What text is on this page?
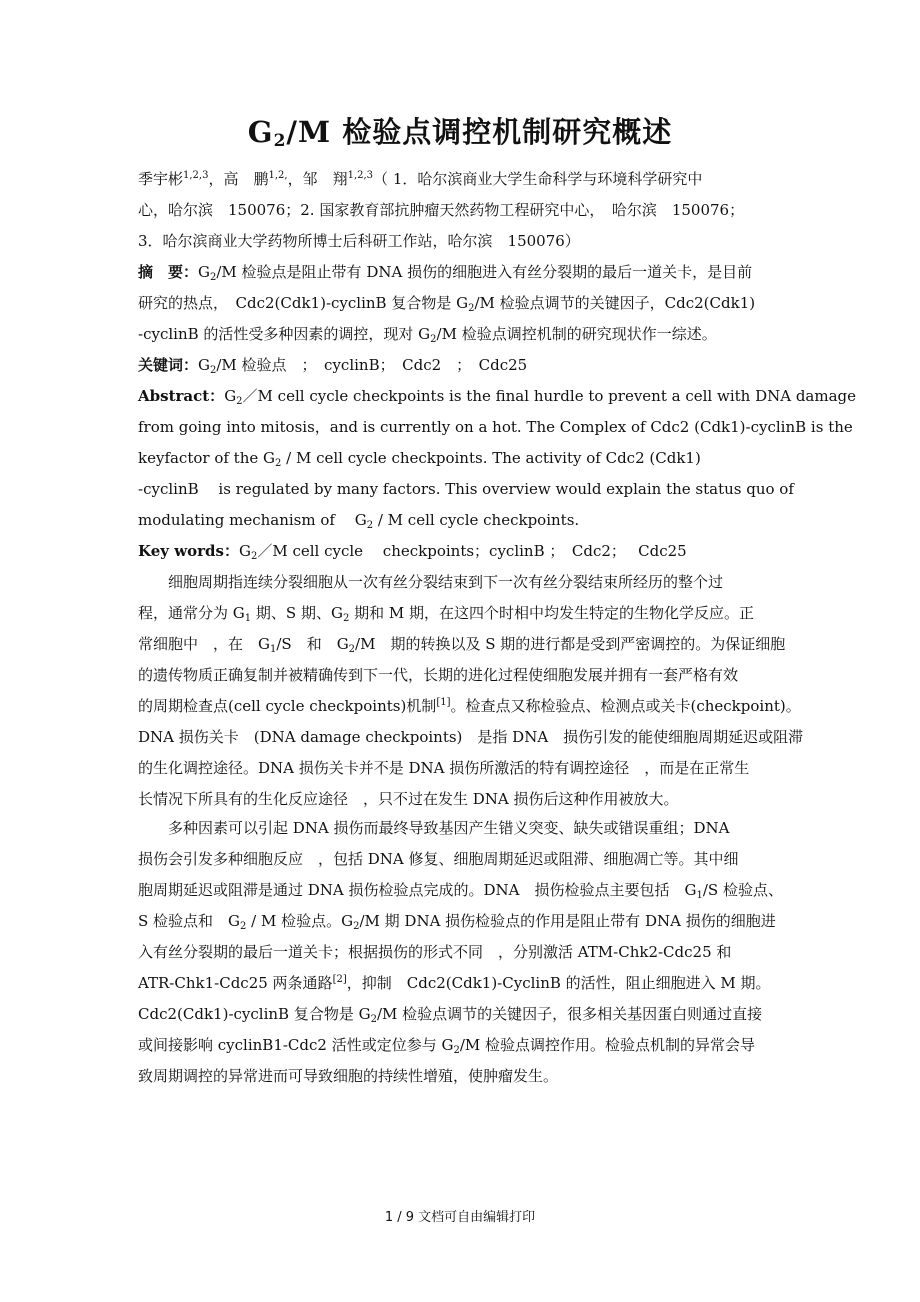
$G_2/M$ 检验点调控机制研究概述
季宇彬$^{1,2,3}$，高　鹏$^{1,2,}$，邹　翔$^{1,2,3}$（ 1．哈尔滨商业大学生命科学与环境科学研究中
心，哈尔滨　150076；2. 国家教育部抗肿瘤天然药物工程研究中心，　哈尔滨　150076；
3．哈尔滨商业大学药物所博士后科研工作站，哈尔滨　150076）
摘　要：$G_2/M$ 检验点是阻止带有 DNA 损伤的细胞进入有丝分裂期的最后一道关卡，是目前
研究的热点，　Cdc2(Cdk1)-cyclinB 复合物是 $G_2/M$ 检验点调节的关键因子，Cdc2(Cdk1)
-cyclinB 的活性受多种因素的调控，现对 $G_2/M$ 检验点调控机制的研究现状作一综述。
关键词：$G_2/M$ 检验点　；　cyclinB；　Cdc2　；　Cdc25
Abstract：$G_2/M$ cell cycle checkpoints is the final hurdle to prevent a cell with DNA damage
from going into mitosis，and is currently on a hot. The Complex of Cdc2 (Cdk1)-cyclinB is the
keyfactor of the $G_2$ / M cell cycle checkpoints. The activity of Cdc2 (Cdk1)
-cyclinB　 is regulated by many factors. This overview would explain the status quo of
modulating mechanism of　 $G_2$ / M cell cycle checkpoints.
Key words：$G_2/M$ cell cycle　 checkpoints；cyclinB ；　Cdc2；　 Cdc25
细胞周期指连续分裂细胞从一次有丝分裂结束到下一次有丝分裂结束所经历的整个过
程，通常分为 $G_1$ 期、S 期、$G_2$ 期和 M 期，在这四个时相中均发生特定的生物化学反应。正
常细胞中　，在　$G_1/S$　和　$G_2/M$　期的转换以及 S 期的进行都是受到严密调控的。为保证细胞
的遗传物质正确复制并被精确传到下一代，长期的进化过程使细胞发展并拥有一套严格有效
的周期检查点(cell cycle checkpoints)机制[1]。检查点又称检验点、检测点或关卡(checkpoint)。
DNA 损伤关卡　(DNA damage checkpoints)　是指 DNA　损伤引发的能使细胞周期延迟或阻滞
的生化调控途径。DNA 损伤关卡并不是 DNA 损伤所激活的特有调控途径　，而是在正常生
长情况下所具有的生化反应途径　，只不过在发生 DNA 损伤后这种作用被放大。
多种因素可以引起 DNA 损伤而最终导致基因产生错义突变、缺失或错误重组；DNA
损伤会引发多种细胞反应　，包括 DNA 修复、细胞周期延迟或阻滞、细胞凋亡等。其中细
胞周期延迟或阻滞是通过 DNA 损伤检验点完成的。DNA　损伤检验点主要包括　$G_1/S$ 检验点、
S 检验点和　$G_2$ / M 检验点。$G_2/M$ 期 DNA 损伤检验点的作用是阻止带有 DNA 损伤的细胞进
入有丝分裂期的最后一道关卡；根据损伤的形式不同　，分别激活 ATM-Chk2-Cdc25 和
ATR-Chk1-Cdc25 两条通路[2]，抑制　Cdc2(Cdk1)-CyclinB 的活性，阻止细胞进入 M 期。
Cdc2(Cdk1)-cyclinB 复合物是 $G_2/M$ 检验点调节的关键因子，很多相关基因蛋白则通过直接
或间接影响 cyclinB1-Cdc2 活性或定位参与 $G_2/M$ 检验点调控作用。检验点机制的异常会导
致周期调控的异常进而可导致细胞的持续性增殖，使肿瘤发生。
1 / 9 文档可自由编辑打印
